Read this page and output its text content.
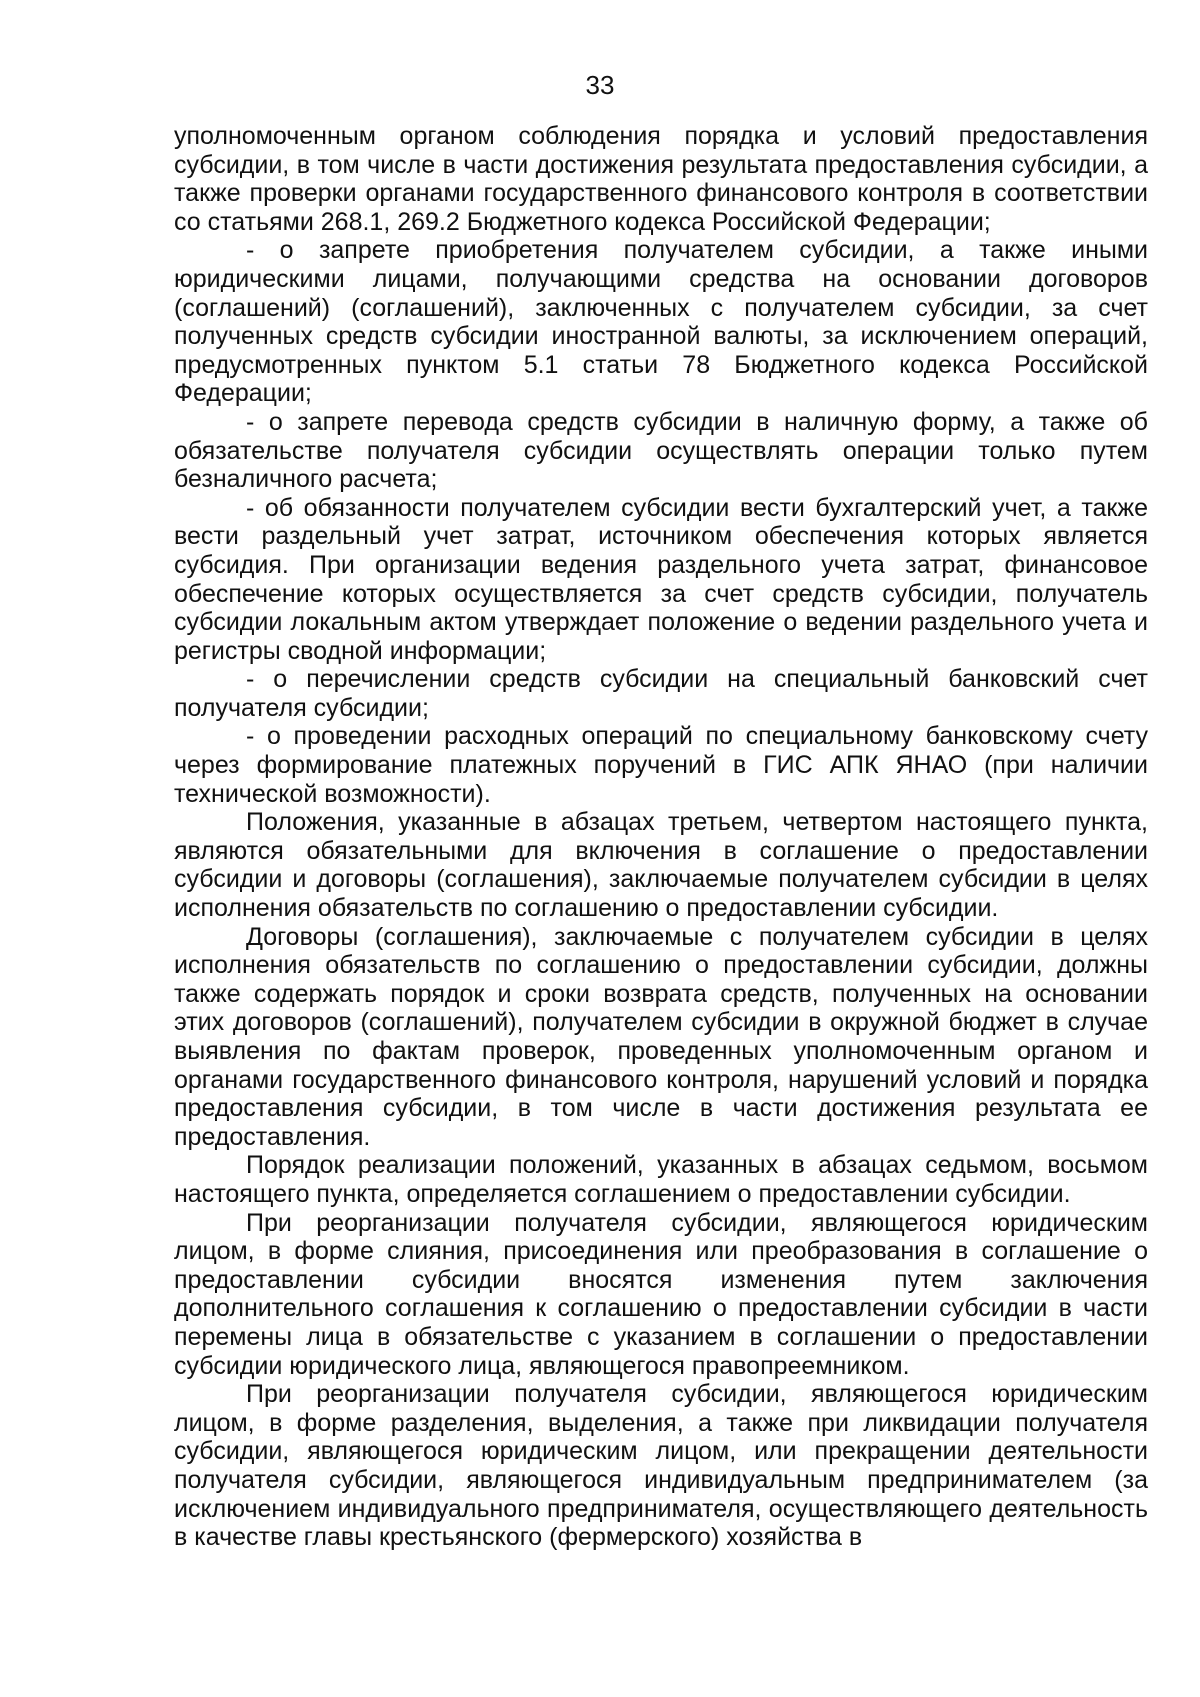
33

уполномоченным органом соблюдения порядка и условий предоставления субсидии, в том числе в части достижения результата предоставления субсидии, а также проверки органами государственного финансового контроля в соответствии со статьями 268.1, 269.2 Бюджетного кодекса Российской Федерации;

- о запрете приобретения получателем субсидии, а также иными юридическими лицами, получающими средства на основании договоров (соглашений) (соглашений), заключенных с получателем субсидии, за счет полученных средств субсидии иностранной валюты, за исключением операций, предусмотренных пунктом 5.1 статьи 78 Бюджетного кодекса Российской Федерации;

- о запрете перевода средств субсидии в наличную форму, а также об обязательстве получателя субсидии осуществлять операции только путем безналичного расчета;

- об обязанности получателем субсидии вести бухгалтерский учет, а также вести раздельный учет затрат, источником обеспечения которых является субсидия. При организации ведения раздельного учета затрат, финансовое обеспечение которых осуществляется за счет средств субсидии, получатель субсидии локальным актом утверждает положение о ведении раздельного учета и регистры сводной информации;

- о перечислении средств субсидии на специальный банковский счет получателя субсидии;

- о проведении расходных операций по специальному банковскому счету через формирование платежных поручений в ГИС АПК ЯНАО (при наличии технической возможности).

Положения, указанные в абзацах третьем, четвертом настоящего пункта, являются обязательными для включения в соглашение о предоставлении субсидии и договоры (соглашения), заключаемые получателем субсидии в целях исполнения обязательств по соглашению о предоставлении субсидии.

Договоры (соглашения), заключаемые с получателем субсидии в целях исполнения обязательств по соглашению о предоставлении субсидии, должны также содержать порядок и сроки возврата средств, полученных на основании этих договоров (соглашений), получателем субсидии в окружной бюджет в случае выявления по фактам проверок, проведенных уполномоченным органом и органами государственного финансового контроля, нарушений условий и порядка предоставления субсидии, в том числе в части достижения результата ее предоставления.

Порядок реализации положений, указанных в абзацах седьмом, восьмом настоящего пункта, определяется соглашением о предоставлении субсидии.

При реорганизации получателя субсидии, являющегося юридическим лицом, в форме слияния, присоединения или преобразования в соглашение о предоставлении субсидии вносятся изменения путем заключения дополнительного соглашения к соглашению о предоставлении субсидии в части перемены лица в обязательстве с указанием в соглашении о предоставлении субсидии юридического лица, являющегося правопреемником.

При реорганизации получателя субсидии, являющегося юридическим лицом, в форме разделения, выделения, а также при ликвидации получателя субсидии, являющегося юридическим лицом, или прекращении деятельности получателя субсидии, являющегося индивидуальным предпринимателем (за исключением индивидуального предпринимателя, осуществляющего деятельность в качестве главы крестьянского (фермерского) хозяйства в
